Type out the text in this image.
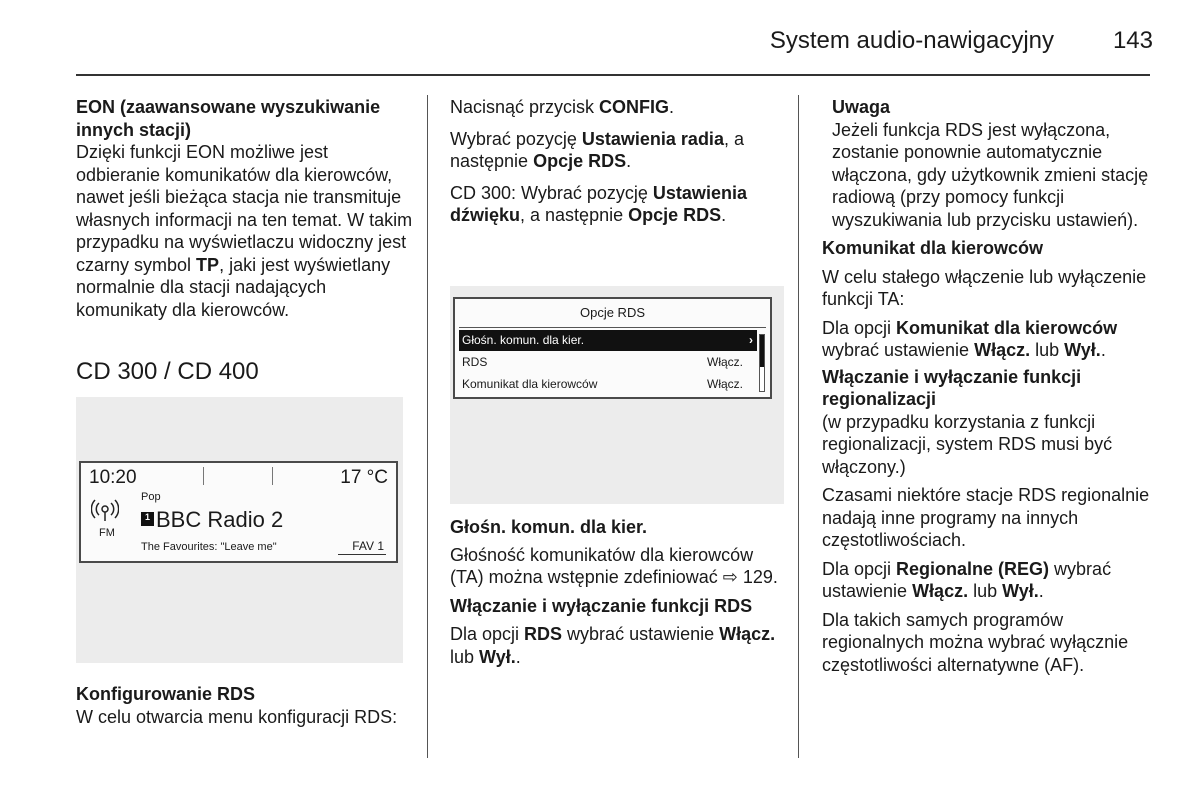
System audio-nawigacyjny 143

EON (zaawansowane wyszukiwanie innych stacji)

Dzięki funkcji EON możliwe jest odbieranie komunikatów dla kierowców, nawet jeśli bieżąca stacja nie transmituje własnych informacji na ten temat. W takim przypadku na wyświetlaczu widoczny jest czarny symbol TP, jaki jest wyświetlany normalnie dla stacji nadających komunikaty dla kierowców.

CD 300 / CD 400
10:20	17 °C
FM
Pop
1BBC Radio 2
The Favourites: "Leave me"	FAV 1

Konfigurowanie RDS

W celu otwarcia menu konfiguracji RDS:

Nacisnąć przycisk CONFIG.

Wybrać pozycję Ustawienia radia, a następnie Opcje RDS.

CD 300: Wybrać pozycję Ustawienia dźwięku, a następnie Opcje RDS.

Opcje RDS
Głośn. komun. dla kier.	›
RDS	Włącz.
Komunikat dla kierowców	Włącz.

Głośn. komun. dla kier.

Głośność komunikatów dla kierowców (TA) można wstępnie zdefiniować ⇨ 129.

Włączanie i wyłączanie funkcji RDS

Dla opcji RDS wybrać ustawienie Włącz. lub Wył..

Uwaga

Jeżeli funkcja RDS jest wyłączona, zostanie ponownie automatycznie włączona, gdy użytkownik zmieni stację radiową (przy pomocy funkcji wyszukiwania lub przycisku ustawień).

Komunikat dla kierowców

W celu stałego włączenie lub wyłączenie funkcji TA:

Dla opcji Komunikat dla kierowców wybrać ustawienie Włącz. lub Wył..

Włączanie i wyłączanie funkcji regionalizacji

(w przypadku korzystania z funkcji regionalizacji, system RDS musi być włączony.)

Czasami niektóre stacje RDS regionalnie nadają inne programy na innych częstotliwościach.

Dla opcji Regionalne (REG) wybrać ustawienie Włącz. lub Wył..

Dla takich samych programów regionalnych można wybrać wyłącznie częstotliwości alternatywne (AF).
